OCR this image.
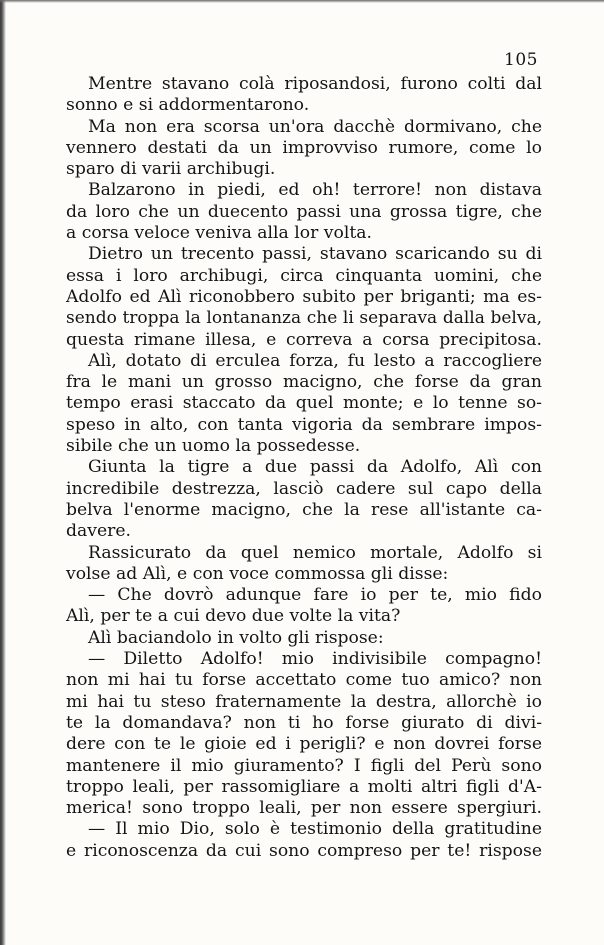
105
Mentre stavano colà riposandosi, furono colti dal
sonno e si addormentarono.
Ma non era scorsa un'ora dacchè dormivano, che
vennero destati da un improvviso rumore, come lo
sparo di varii archibugi.
Balzarono in piedi, ed oh! terrore! non distava
da loro che un duecento passi una grossa tigre, che
a corsa veloce veniva alla lor volta.
Dietro un trecento passi, stavano scaricando su di
essa i loro archibugi, circa cinquanta uomini, che
Adolfo ed Alì riconobbero subito per briganti; ma es-
sendo troppa la lontananza che li separava dalla belva,
questa rimane illesa, e correva a corsa precipitosa.
Alì, dotato di erculea forza, fu lesto a raccogliere
fra le mani un grosso macigno, che forse da gran
tempo erasi staccato da quel monte; e lo tenne so-
speso in alto, con tanta vigoria da sembrare impos-
sibile che un uomo la possedesse.
Giunta la tigre a due passi da Adolfo, Alì con
incredibile destrezza, lasciò cadere sul capo della
belva l'enorme macigno, che la rese all'istante ca-
davere.
Rassicurato da quel nemico mortale, Adolfo si
volse ad Alì, e con voce commossa gli disse:
— Che dovrò adunque fare io per te, mio fido
Alì, per te a cui devo due volte la vita?
Alì baciandolo in volto gli rispose:
— Diletto Adolfo! mio indivisibile compagno!
non mi hai tu forse accettato come tuo amico? non
mi hai tu steso fraternamente la destra, allorchè io
te la domandava? non ti ho forse giurato di divi-
dere con te le gioie ed i perigli? e non dovrei forse
mantenere il mio giuramento? I figli del Perù sono
troppo leali, per rassomigliare a molti altri figli d'A-
merica! sono troppo leali, per non essere spergiuri.
— Il mio Dio, solo è testimonio della gratitudine
e riconoscenza da cui sono compreso per te! rispose
